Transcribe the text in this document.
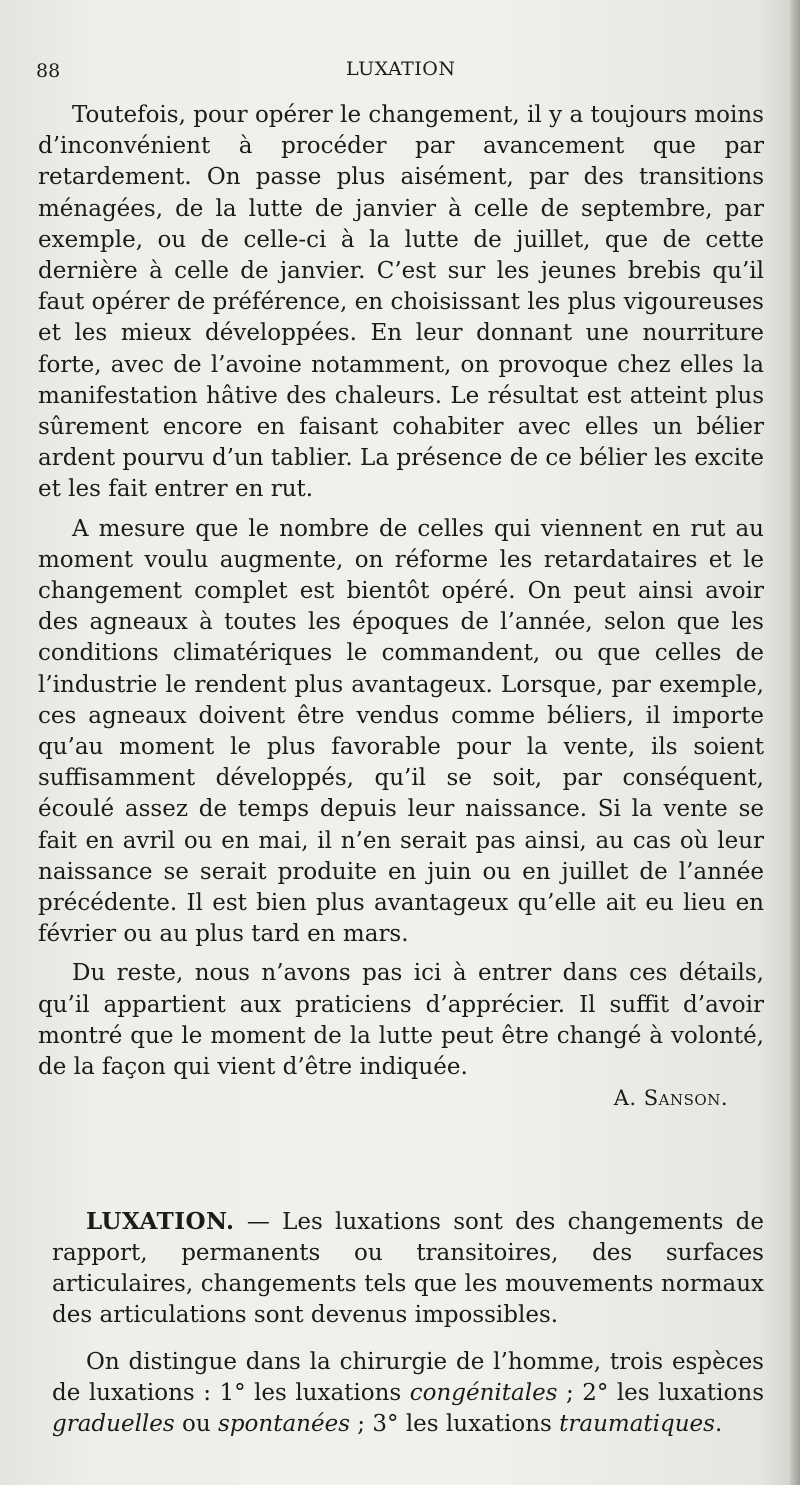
88	LUXATION

Toutefois, pour opérer le changement, il y a toujours moins d’inconvénient à procéder par avancement que par retardement. On passe plus aisément, par des transitions ménagées, de la lutte de janvier à celle de septembre, par exemple, ou de celle-ci à la lutte de juillet, que de cette dernière à celle de janvier. C’est sur les jeunes brebis qu’il faut opérer de préférence, en choisissant les plus vigoureuses et les mieux développées. En leur donnant une nourriture forte, avec de l’avoine notamment, on provoque chez elles la manifestation hâtive des chaleurs. Le résultat est atteint plus sûrement encore en faisant cohabiter avec elles un bélier ardent pourvu d’un tablier. La présence de ce bélier les excite et les fait entrer en rut.

A mesure que le nombre de celles qui viennent en rut au moment voulu augmente, on réforme les retardataires et le changement complet est bientôt opéré. On peut ainsi avoir des agneaux à toutes les époques de l’année, selon que les conditions climatériques le commandent, ou que celles de l’industrie le rendent plus avantageux. Lorsque, par exemple, ces agneaux doivent être vendus comme béliers, il importe qu’au moment le plus favorable pour la vente, ils soient suffisamment développés, qu’il se soit, par conséquent, écoulé assez de temps depuis leur naissance. Si la vente se fait en avril ou en mai, il n’en serait pas ainsi, au cas où leur naissance se serait produite en juin ou en juillet de l’année précédente. Il est bien plus avantageux qu’elle ait eu lieu en février ou au plus tard en mars.

Du reste, nous n’avons pas ici à entrer dans ces détails, qu’il appartient aux praticiens d’apprécier. Il suffit d’avoir montré que le moment de la lutte peut être changé à volonté, de la façon qui vient d’être indiquée.

A. Sanson.

LUXATION. — Les luxations sont des changements de rapport, permanents ou transitoires, des surfaces articulaires, changements tels que les mouvements normaux des articulations sont devenus impossibles.

On distingue dans la chirurgie de l’homme, trois espèces de luxations : 1° les luxations congénitales ; 2° les luxations graduelles ou spontanées ; 3° les luxations traumatiques.
